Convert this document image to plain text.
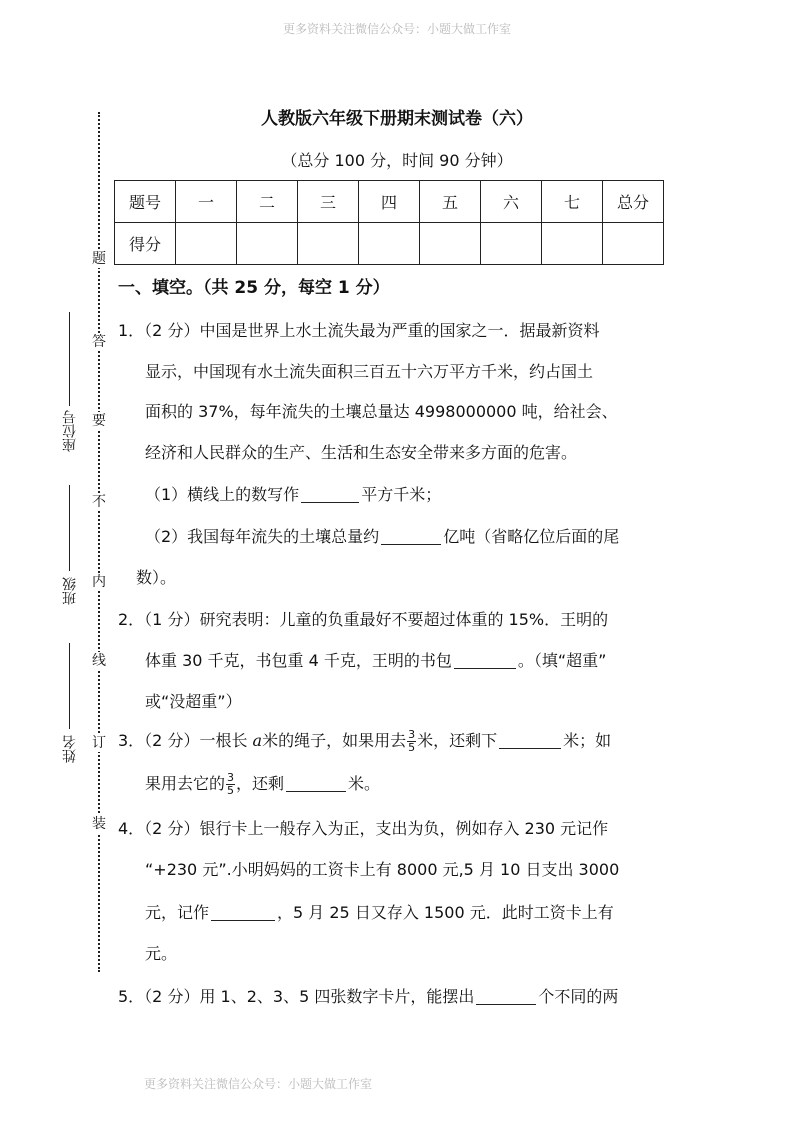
更多资料关注微信公众号：小题大做工作室
题
答
要
不
内
线
订
装
座位号
班级
姓名
人教版六年级下册期末测试卷（六）
（总分 100 分，时间 90 分钟）
题号	一	二	三	四	五	六	七	总分
得分								
一、填空。（共 25 分，每空 1 分）
1．（2 分）中国是世界上水土流失最为严重的国家之一．据最新资料
显示，中国现有水土流失面积三百五十六万平方千米，约占国土
面积的 37%，每年流失的土壤总量达 4998000000 吨，给社会、
经济和人民群众的生产、生活和生态安全带来多方面的危害。
（1）横线上的数写作	平方千米；
（2）我国每年流失的土壤总量约	亿吨（省略亿位后面的尾
数）。
2．（1 分）研究表明：儿童的负重最好不要超过体重的 15%．王明的
体重 30 千克，书包重 4 千克，王明的书包	。（填“超重”
或“没超重”）
3．（2 分）一根长 a米的绳子，如果用去 $\frac{3}{5}$ 米，还剩下	米；如
果用去它的 $\frac{3}{5}$ ，还剩	米。
4．（2 分）银行卡上一般存入为正，支出为负，例如存入 230 元记作
“+230 元”.小明妈妈的工资卡上有 8000 元,5 月 10 日支出 3000
元，记作	，5 月 25 日又存入 1500 元．此时工资卡上有
元。
5．（2 分）用 1、2、3、5 四张数字卡片，能摆出	个不同的两
更多资料关注微信公众号：小题大做工作室
